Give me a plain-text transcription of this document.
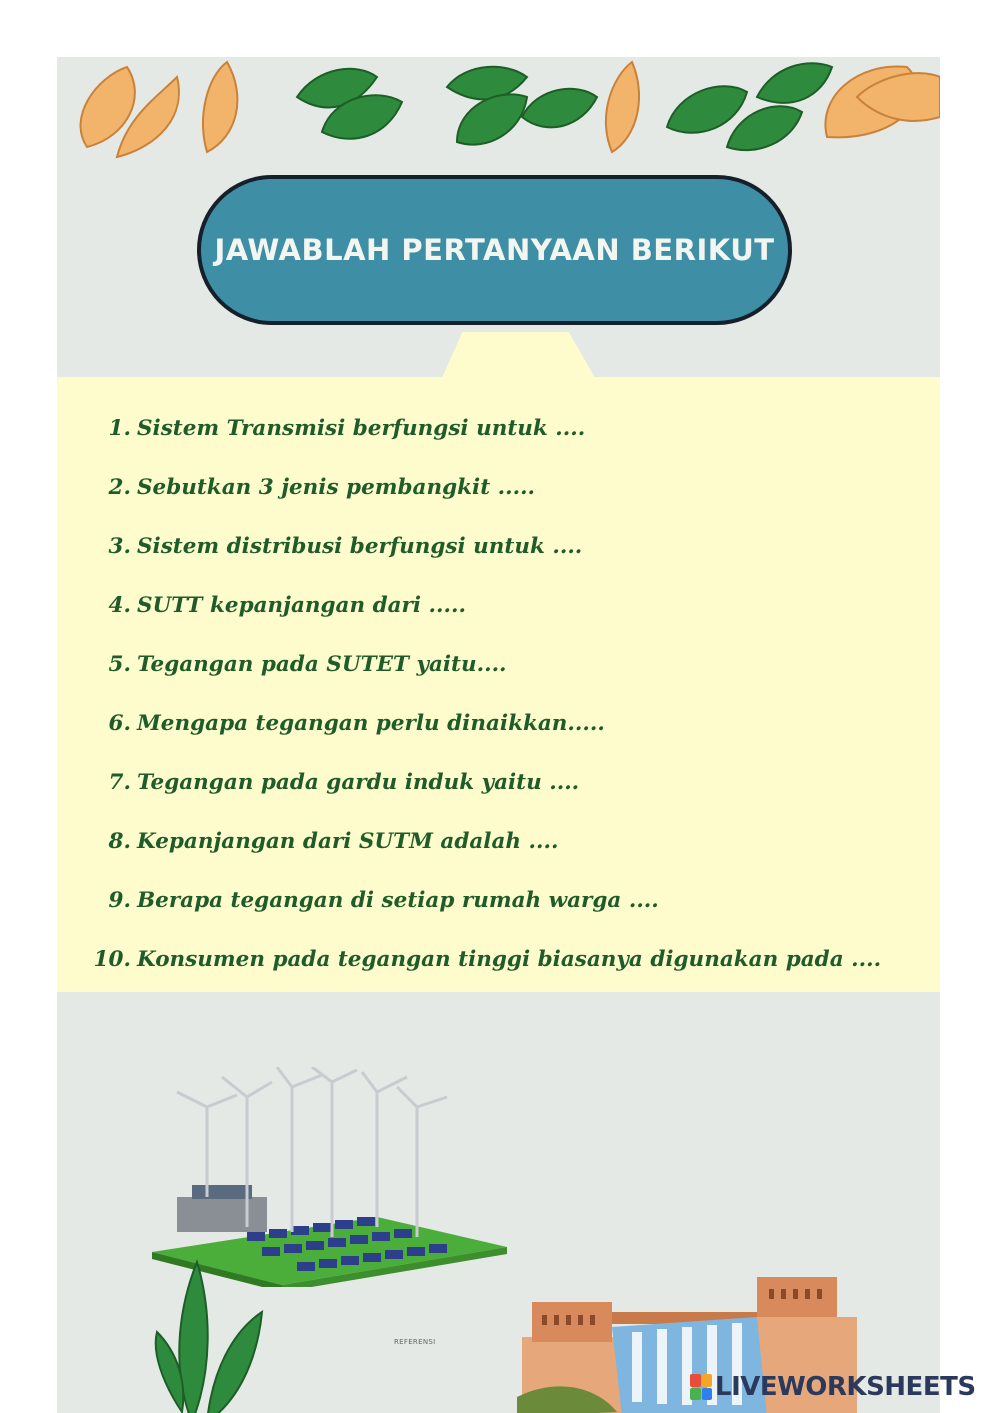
JAWABLAH PERTANYAAN BERIKUT
1. Sistem Transmisi berfungsi untuk ....
2. Sebutkan 3 jenis pembangkit .....
3. Sistem distribusi berfungsi untuk ....
4. SUTT kepanjangan dari .....
5. Tegangan pada SUTET yaitu....
6. Mengapa tegangan perlu dinaikkan.....
7. Tegangan pada gardu induk yaitu ....
8. Kepanjangan dari SUTM adalah ....
9. Berapa tegangan di setiap rumah warga ....
10. Konsumen pada tegangan tinggi biasanya digunakan pada ....
REFERENSI
LIVEWORKSHEETS
